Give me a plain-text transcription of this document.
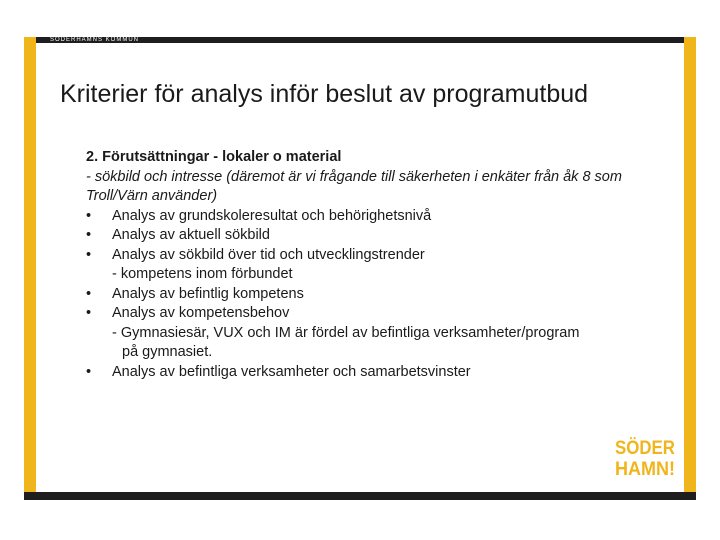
SÖDERHAMNS KOMMUN
Kriterier för analys inför beslut av programutbud

2. Förutsättningar - lokaler o material

- sökbild och intresse (däremot är vi frågande till säkerheten i enkäter från åk 8 som Troll/Värn använder)

•	Analys av grundskoleresultat och behörighetsnivå
•	Analys av aktuell sökbild
•	Analys av sökbild över tid och utvecklingstrender

- kompetens inom förbundet

•	Analys av befintlig kompetens
•	Analys av kompetensbehov

- Gymnasiesär, VUX och IM är fördel av befintliga verksamheter/program

på gymnasiet.

•	Analys av befintliga verksamheter och samarbetsvinster
SÖDER
HAMN!
